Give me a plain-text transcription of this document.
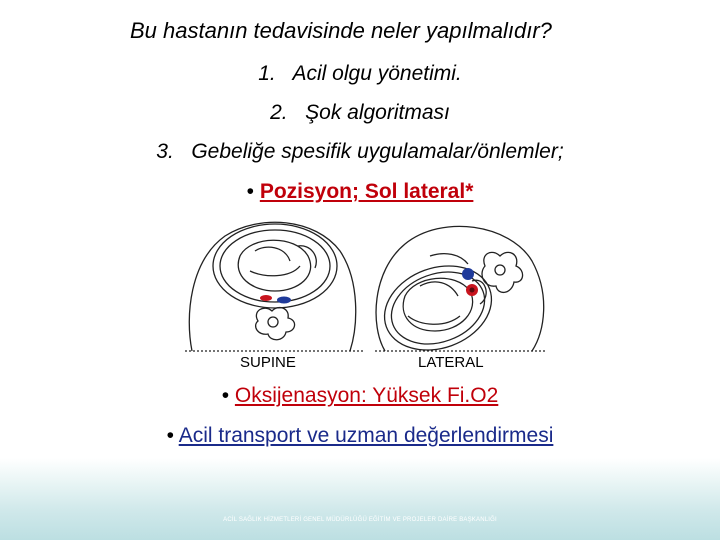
Bu hastanın tedavisinde neler yapılmalıdır?
1. Acil olgu yönetimi.
2. Şok algoritması
3. Gebeliğe spesifik uygulamalar/önlemler;
• Pozisyon; Sol lateral*
SUPINE	LATERAL
• Oksijenasyon: Yüksek Fi.O2
• Acil transport ve uzman değerlendirmesi
ACİL SAĞLIK HİZMETLERİ GENEL MÜDÜRLÜĞÜ EĞİTİM VE PROJELER DAİRE BAŞKANLIĞI
